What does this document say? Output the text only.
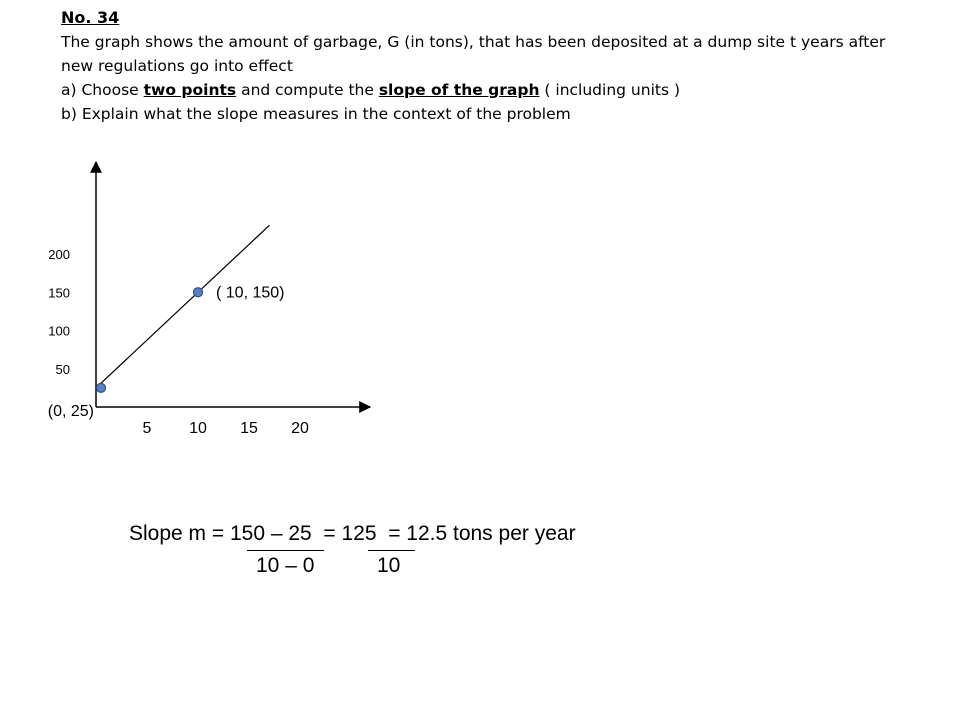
No. 34
The graph shows the amount of garbage, G (in tons), that has been deposited at a dump site t years after new regulations go into effect
a) Choose two points and compute the slope of the graph ( including units )
b) Explain what the slope measures in the context of the problem
5 10 15 20
50
100
150
200
(0, 25)
( 10, 150)
Slope m = 150 – 25  = 125  = 12.5 tons per year
10 – 0	10
